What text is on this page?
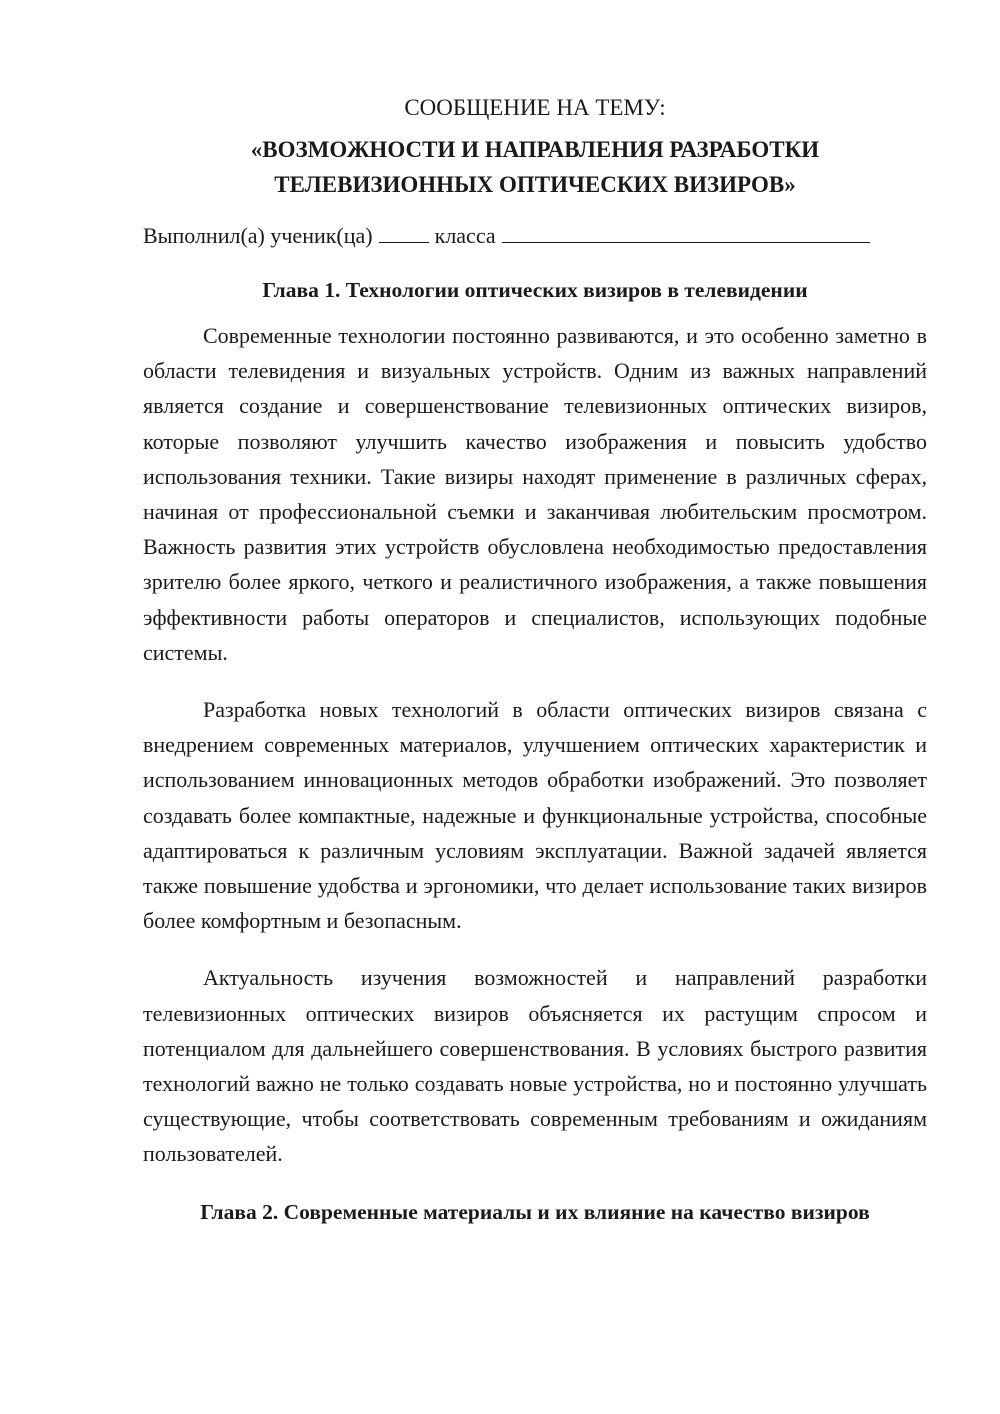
СООБЩЕНИЕ НА ТЕМУ:
«ВОЗМОЖНОСТИ И НАПРАВЛЕНИЯ РАЗРАБОТКИ
ТЕЛЕВИЗИОННЫХ ОПТИЧЕСКИХ ВИЗИРОВ»
Выполнил(а) ученик(ца)	класса
Глава 1. Технологии оптических визиров в телевидении

Современные технологии постоянно развиваются, и это особенно заметно в области телевидения и визуальных устройств. Одним из важных направлений является создание и совершенствование телевизионных оптических визиров, которые позволяют улучшить качество изображения и повысить удобство использования техники. Такие визиры находят применение в различных сферах, начиная от профессиональной съемки и заканчивая любительским просмотром. Важность развития этих устройств обусловлена необходимостью предоставления зрителю более яркого, четкого и реалистичного изображения, а также повышения эффективности работы операторов и специалистов, использующих подобные системы.

Разработка новых технологий в области оптических визиров связана с внедрением современных материалов, улучшением оптических характеристик и использованием инновационных методов обработки изображений. Это позволяет создавать более компактные, надежные и функциональные устройства, способные адаптироваться к различным условиям эксплуатации. Важной задачей является также повышение удобства и эргономики, что делает использование таких визиров более комфортным и безопасным.

Актуальность изучения возможностей и направлений разработки телевизионных оптических визиров объясняется их растущим спросом и потенциалом для дальнейшего совершенствования. В условиях быстрого развития технологий важно не только создавать новые устройства, но и постоянно улучшать существующие, чтобы соответствовать современным требованиям и ожиданиям пользователей.

Глава 2. Современные материалы и их влияние на качество визиров
